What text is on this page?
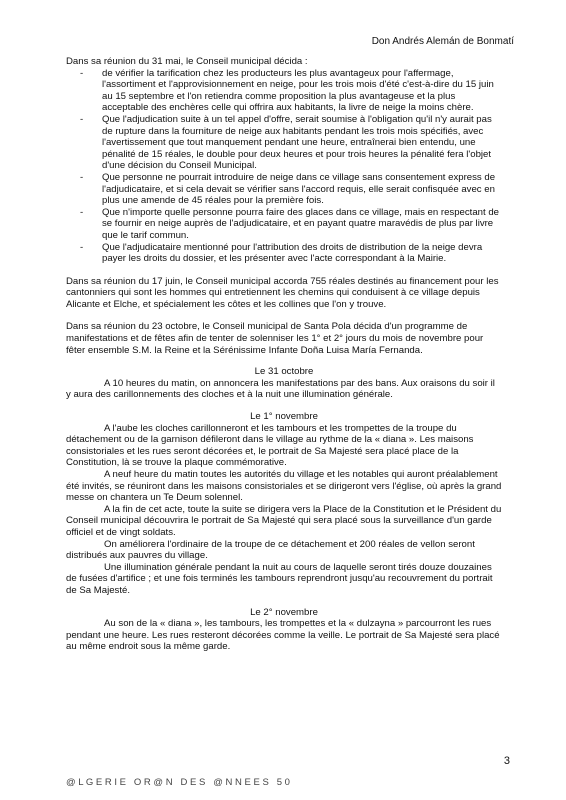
Don Andrés Alemán de Bonmatí

Dans sa réunion du 31 mai, le Conseil municipal décida :

- de vérifier la tarification chez les producteurs les plus avantageux pour l'affermage, l'assortiment et l'approvisionnement en neige, pour les trois mois d'été c'est-à-dire du 15 juin au 15 septembre et l'on retiendra comme proposition la plus avantageuse et la plus acceptable des enchères celle qui offrira aux habitants, la livre de neige la moins chère.
- Que l'adjudication suite à un tel appel d'offre, serait soumise à l'obligation qu'il n'y aurait pas de rupture dans la fourniture de neige aux habitants pendant les trois mois spécifiés, avec l'avertissement que tout manquement pendant une heure, entraînerai bien entendu, une pénalité de 15 réales, le double pour deux heures et pour trois heures la pénalité fera l'objet d'une décision du Conseil Municipal.
- Que personne ne pourrait introduire de neige dans ce village sans consentement express de l'adjudicataire, et si cela devait se vérifier sans l'accord requis, elle serait confisquée avec en plus une amende de 45 réales pour la première fois.
- Que n'importe quelle personne pourra faire des glaces dans ce village, mais en respectant de se fournir en neige auprès de l'adjudicataire, et en payant quatre maravédis de plus par livre que le tarif commun.
- Que l'adjudicataire mentionné pour l'attribution des droits de distribution de la neige devra payer les droits du dossier, et les présenter avec l'acte correspondant à la Mairie.

Dans sa réunion du 17 juin, le Conseil municipal accorda 755 réales destinés au financement pour les cantonniers qui sont les hommes qui entretiennent les chemins qui conduisent à ce village depuis Alicante et Elche, et spécialement les côtes et les collines que l'on y trouve.

Dans sa réunion du 23 octobre, le Conseil municipal de Santa Pola décida d'un programme de manifestations et de fêtes afin de tenter de solenniser les 1° et 2° jours du mois de novembre pour fêter ensemble S.M. la Reine et la Sérénissime Infante Doña Luisa María Fernanda.

Le 31 octobre

A 10 heures du matin, on annoncera les manifestations par des bans. Aux oraisons du soir il y aura des carillonnements des cloches et à la nuit une illumination générale.

Le 1° novembre

A l'aube les cloches carillonneront et les tambours et les trompettes de la troupe du détachement ou de la garnison défileront dans le village au rythme de la « diana ». Les maisons consistoriales et les rues seront décorées et, le portrait de Sa Majesté sera placé place de la Constitution, là se trouve la plaque commémorative.

A neuf heure du matin toutes les autorités du village et les notables qui auront préalablement été invités, se réuniront dans les maisons consistoriales et se dirigeront vers l'église, où après la grand messe on chantera un Te Deum solennel.

A la fin de cet acte, toute la suite se dirigera vers la Place de la Constitution et le Président du Conseil municipal découvrira le portrait de Sa Majesté qui sera placé sous la surveillance d'un garde officiel et de vingt soldats.

On améliorera l'ordinaire de la troupe de ce détachement et 200 réales de vellon seront distribués aux pauvres du village.

Une illumination générale pendant la nuit au cours de laquelle seront tirés douze douzaines de fusées d'artifice ; et une fois terminés les tambours reprendront jusqu'au recouvrement du portrait de Sa Majesté.

Le 2° novembre

Au son de la « diana », les tambours, les trompettes et la « dulzayna » parcourront les rues pendant une heure. Les rues resteront décorées comme la veille. Le portrait de Sa Majesté sera placé au même endroit sous la même garde.

3
@ L G E R I E   O R @ N   D E S   @ N N E E S   5 0
